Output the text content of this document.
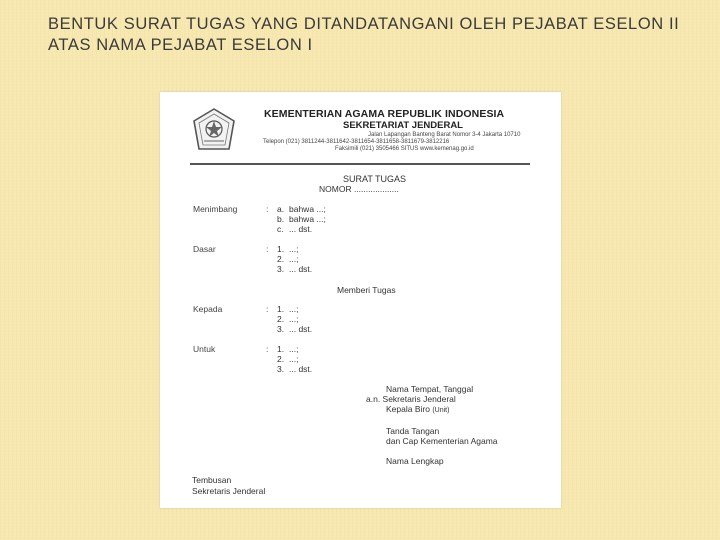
BENTUK SURAT TUGAS YANG DITANDATANGANI OLEH PEJABAT ESELON II
ATAS NAMA PEJABAT ESELON I
KEMENTERIAN AGAMA REPUBLIK INDONESIA
SEKRETARIAT JENDERAL
Jalan Lapangan Banteng Barat Nomor 3-4 Jakarta 10710
Telepon (021) 3811244-3811642-3811654-3811658-3811679-3812216
Faksimili (021) 3505466 SITUS www.kemenag.go.id
SURAT TUGAS
NOMOR ...................
Menimbang	: a. bahwa ...;
b. bahwa ...;
c. ... dst.
Dasar	: 1. ...;
2. ...;
3. ... dst.
Memberi Tugas
Kepada	: 1. ...;
2. ...;
3. ... dst.
Untuk	: 1. ...;
2. ...;
3. ... dst.
Nama Tempat, Tanggal
a.n. Sekretaris Jenderal
Kepala Biro (Unit)
Tanda Tangan
dan Cap Kementerian Agama
Nama Lengkap
Tembusan
Sekretaris Jenderal
